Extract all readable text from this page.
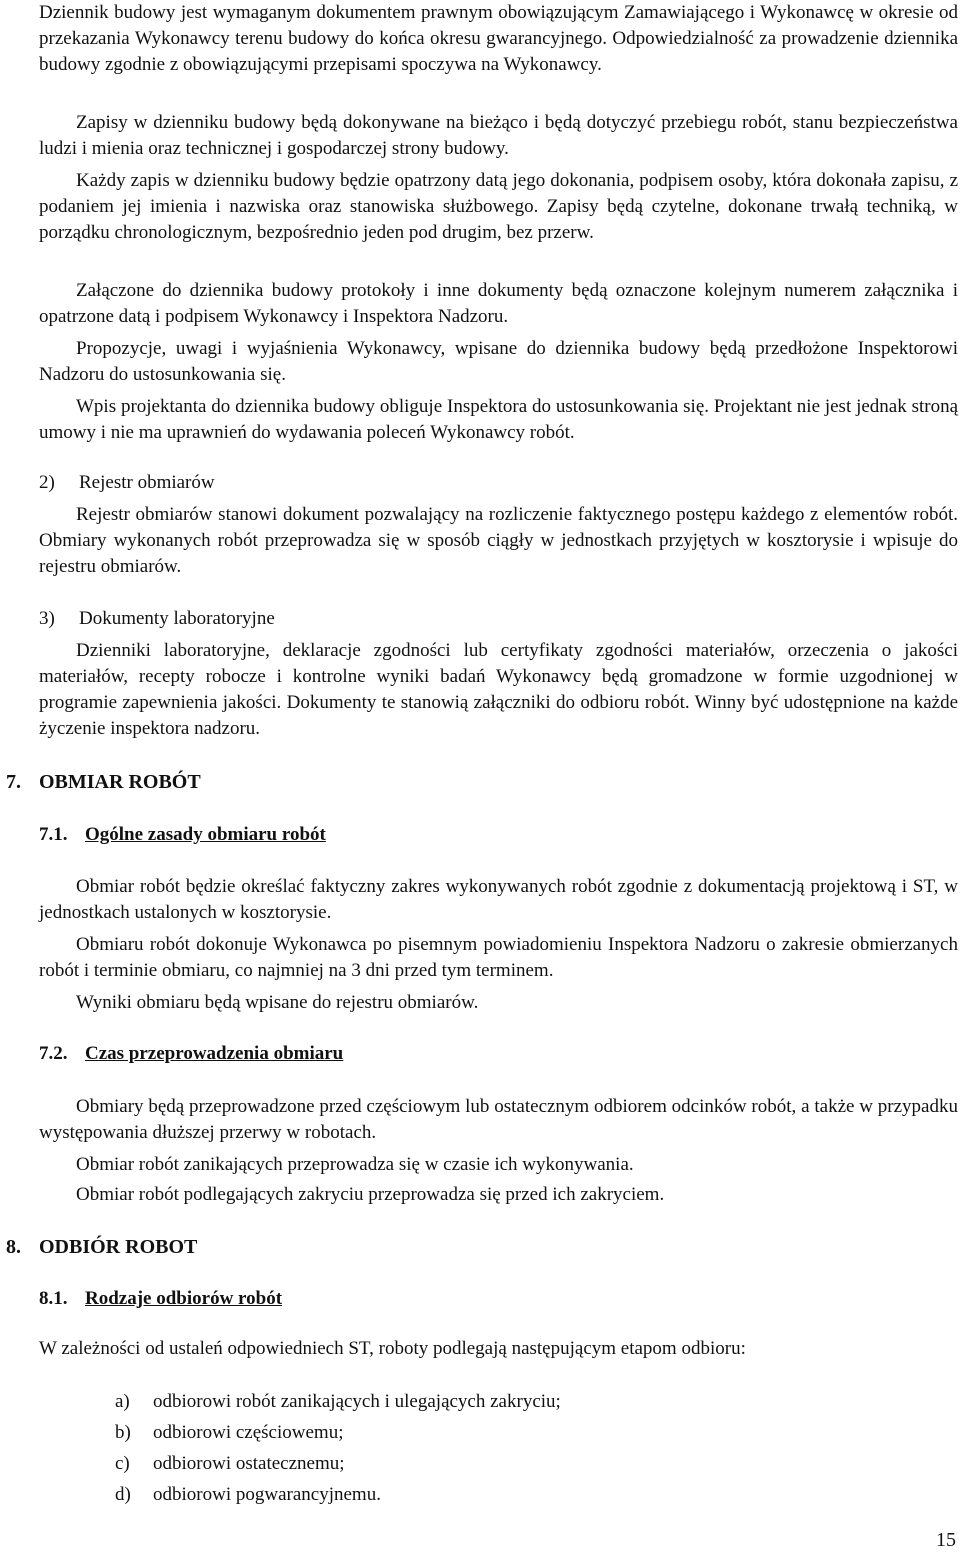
Dziennik budowy jest wymaganym dokumentem prawnym obowiązującym Zamawiającego i Wykonawcę w okresie od przekazania Wykonawcy terenu budowy do końca okresu gwarancyjnego. Odpowiedzialność za prowadzenie dziennika budowy zgodnie z obowiązującymi przepisami spoczywa na Wykonawcy.

Zapisy w dzienniku budowy będą dokonywane na bieżąco i będą dotyczyć przebiegu robót, stanu bezpieczeństwa ludzi i mienia oraz technicznej i gospodarczej strony budowy.

Każdy zapis w dzienniku budowy będzie opatrzony datą jego dokonania, podpisem osoby, która dokonała zapisu, z podaniem jej imienia i nazwiska oraz stanowiska służbowego. Zapisy będą czytelne, dokonane trwałą techniką, w porządku chronologicznym, bezpośrednio jeden pod drugim, bez przerw.

Załączone do dziennika budowy protokoły i inne dokumenty będą oznaczone kolejnym numerem załącznika i opatrzone datą i podpisem Wykonawcy i Inspektora Nadzoru.

Propozycje, uwagi i wyjaśnienia Wykonawcy, wpisane do dziennika budowy będą przedłożone Inspektorowi Nadzoru do ustosunkowania się.

Wpis projektanta do dziennika budowy obliguje Inspektora do ustosunkowania się. Projektant nie jest jednak stroną umowy i nie ma uprawnień do wydawania poleceń Wykonawcy robót.

2) Rejestr obmiarów

Rejestr obmiarów stanowi dokument pozwalający na rozliczenie faktycznego postępu każdego z elementów robót. Obmiary wykonanych robót przeprowadza się w sposób ciągły w jednostkach przyjętych w kosztorysie i wpisuje do rejestru obmiarów.

3) Dokumenty laboratoryjne

Dzienniki laboratoryjne, deklaracje zgodności lub certyfikaty zgodności materiałów, orzeczenia o jakości materiałów, recepty robocze i kontrolne wyniki badań Wykonawcy będą gromadzone w formie uzgodnionej w programie zapewnienia jakości. Dokumenty te stanowią załączniki do odbioru robót. Winny być udostępnione na każde życzenie inspektora nadzoru.

7. OBMIAR ROBÓT
7.1. Ogólne zasady obmiaru robót

Obmiar robót będzie określać faktyczny zakres wykonywanych robót zgodnie z dokumentacją projektową i ST, w jednostkach ustalonych w kosztorysie.

Obmiaru robót dokonuje Wykonawca po pisemnym powiadomieniu Inspektora Nadzoru o zakresie obmierzanych robót i terminie obmiaru, co najmniej na 3 dni przed tym terminem.

Wyniki obmiaru będą wpisane do rejestru obmiarów.

7.2. Czas przeprowadzenia obmiaru

Obmiary będą przeprowadzone przed częściowym lub ostatecznym odbiorem odcinków robót, a także w przypadku występowania dłuższej przerwy w robotach.

Obmiar robót zanikających przeprowadza się w czasie ich wykonywania.

Obmiar robót podlegających zakryciu przeprowadza się przed ich zakryciem.

8. ODBIÓR ROBOT
8.1. Rodzaje odbiorów robót

W zależności od ustaleń odpowiedniech ST, roboty podlegają następującym etapom odbioru:

a) odbiorowi robót zanikających i ulegających zakryciu;
b) odbiorowi częściowemu;
c) odbiorowi ostatecznemu;
d) odbiorowi pogwarancyjnemu.
15
